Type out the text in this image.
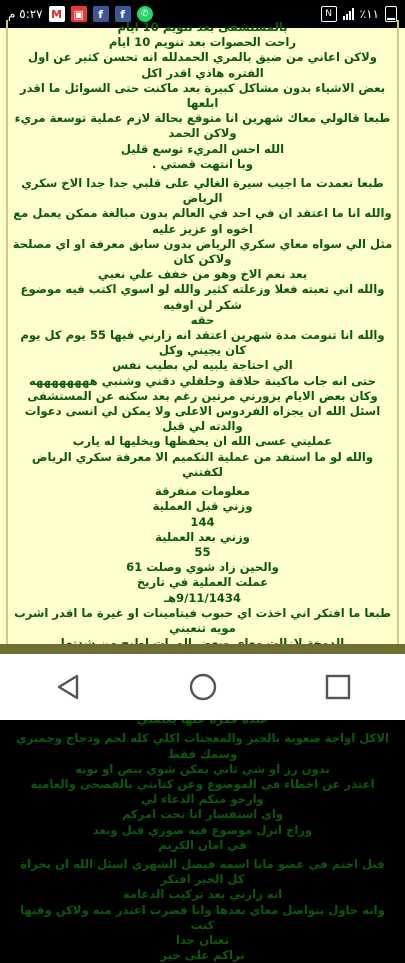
٥:٢٧ م M ▣	f	f	✆	N	٪١١

بالمستشفى بعد تنويم 10 ايام

راحت الحصوات بعد تنويم 10 ايام

ولاكن اعاني من ضيق بالمري الحمدلله انه تحسن كثير عن اول الفتره هاذي اقدر اكل

بعض الاشياء بدون مشاكل كبيرة بعد ماكنت حتى السوائل ما اقدر ابلعها

طبعا قالولي معاك شهرين انا متوقع بحالة لازم عملية توسعة مريء ولاكن الحمد

الله احس المريء توسع قليل

وبا انتهت قصتي .

طبعا تعمدت ما اجيب سيرة الغالي على قلبي جدا جدا الاخ سكري الرياض

والله انا ما اعتقد ان في احد في العالم بدون مبالغة ممكن يعمل مع اخوه او عزيز عليه

مثل الي سواه معاي سكري الرياض بدون سابق معرفة او اي مصلحة ولاكن كان

بعد نعم الاخ وهو من خفف علي نعبي

والله اني تعبته فعلا وزعلته كثير والله لو اسوي اكتب فيه موضوع شكر لن اوفيه

حقه

والله انا تنومت مدة شهرين اعتقد انه زارني فيها 55 يوم كل يوم كان يجيني وكل

الي احتاجة يلبيه لي بطيب نفس

حتى انه جاب ماكينة حلاقة وحلقلي دقني وشنبي ههههههههه

وكان بعض الايام يزورني مرتين رغم بعد سكنه عن المستشفى

اسئل الله ان يجزاه الفردوس الاعلى ولا يمكن لي انسى دعوات والدته لي قبل

عمليتي عسى الله ان يحفظها ويخليها له يارب

والله لو ما استفد من عملية التكميم الا معرفة سكري الرياض لكفتني

معلومات منفرقة

وزني قبل العملية

144

وزني بعد العملية

55

والحين زاد شوي وصلت 61

عملت العملية في تاريخ

9/11/1434هـ

طبعا ما افتكر اني اخذت اي حبوب فيتامينات او غيرة ما اقدر اشرب مويه تنعبني

الاكل اواجة صعوبة بالخبز والمعجنات اكلي كله لحم ودجاج وجمبري وسمك فقط

بدون رز او شي ثاني يمكن شوي بيض او تونه

اعتذر عن اخطاء في الموضوع وعن كتابتي بالفصحى والعامية

وارجو منكم الدعاء لي

واي استفسار انا تحت امركم

وراح انزل موضوع فيه صوري قبل وبعد

في امان الكريم

قبل اختم في عضو مانا اسمه فيصل الشهري اسئل الله ان يجزاة كل الخير افتكر

انه زارني بعد تركيب الدعامة

وانه حاول يتواصل معاي بعدها وانا قصرت اعتذر منه ولاكن وقتها كنت

تعبان جدا

نراكم على خير
